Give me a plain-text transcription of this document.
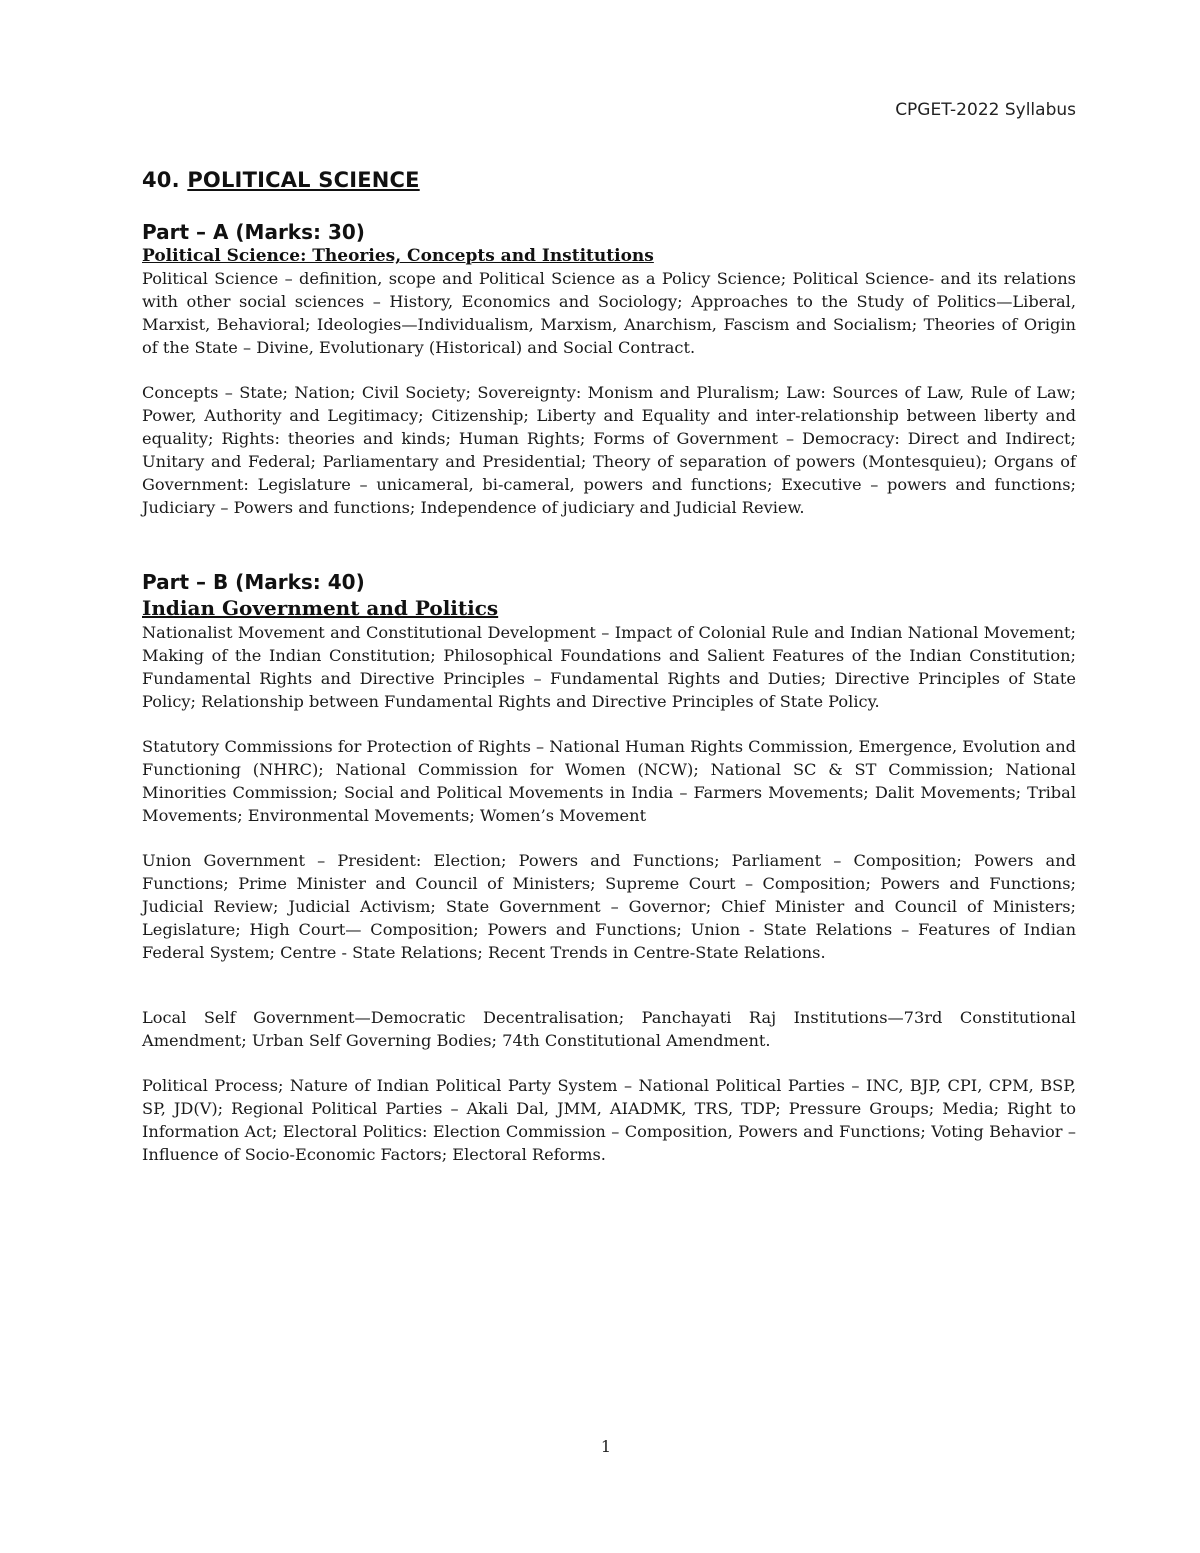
CPGET-2022 Syllabus
40. POLITICAL SCIENCE
Part – A (Marks: 30)
Political Science: Theories, Concepts and Institutions

Political Science – definition, scope and Political Science as a Policy Science; Political Science- and its relations with other social sciences – History, Economics and Sociology; Approaches to the Study of Politics—Liberal, Marxist, Behavioral; Ideologies—Individualism, Marxism, Anarchism, Fascism and Socialism; Theories of Origin of the State – Divine, Evolutionary (Historical) and Social Contract.

Concepts – State; Nation; Civil Society; Sovereignty: Monism and Pluralism; Law: Sources of Law, Rule of Law; Power, Authority and Legitimacy; Citizenship; Liberty and Equality and inter-relationship between liberty and equality; Rights: theories and kinds; Human Rights; Forms of Government – Democracy: Direct and Indirect; Unitary and Federal; Parliamentary and Presidential; Theory of separation of powers (Montesquieu); Organs of Government: Legislature – unicameral, bi-cameral, powers and functions; Executive – powers and functions; Judiciary – Powers and functions; Independence of judiciary and Judicial Review.

Part – B (Marks: 40)
Indian Government and Politics

Nationalist Movement and Constitutional Development – Impact of Colonial Rule and Indian National Movement; Making of the Indian Constitution; Philosophical Foundations and Salient Features of the Indian Constitution; Fundamental Rights and Directive Principles – Fundamental Rights and Duties; Directive Principles of State Policy; Relationship between Fundamental Rights and Directive Principles of State Policy.

Statutory Commissions for Protection of Rights – National Human Rights Commission, Emergence, Evolution and Functioning (NHRC); National Commission for Women (NCW); National SC & ST Commission; National Minorities Commission; Social and Political Movements in India – Farmers Movements; Dalit Movements; Tribal Movements; Environmental Movements; Women’s Movement

Union Government – President: Election; Powers and Functions; Parliament – Composition; Powers and Functions; Prime Minister and Council of Ministers; Supreme Court – Composition; Powers and Functions; Judicial Review; Judicial Activism; State Government – Governor; Chief Minister and Council of Ministers; Legislature; High Court— Composition; Powers and Functions; Union - State Relations – Features of Indian Federal System; Centre - State Relations; Recent Trends in Centre-State Relations.

Local Self Government—Democratic Decentralisation; Panchayati Raj Institutions—73rd Constitutional Amendment; Urban Self Governing Bodies; 74th Constitutional Amendment.

Political Process; Nature of Indian Political Party System – National Political Parties – INC, BJP, CPI, CPM, BSP, SP, JD(V); Regional Political Parties – Akali Dal, JMM, AIADMK, TRS, TDP; Pressure Groups; Media; Right to Information Act; Electoral Politics: Election Commission – Composition, Powers and Functions; Voting Behavior – Influence of Socio-Economic Factors; Electoral Reforms.

1
